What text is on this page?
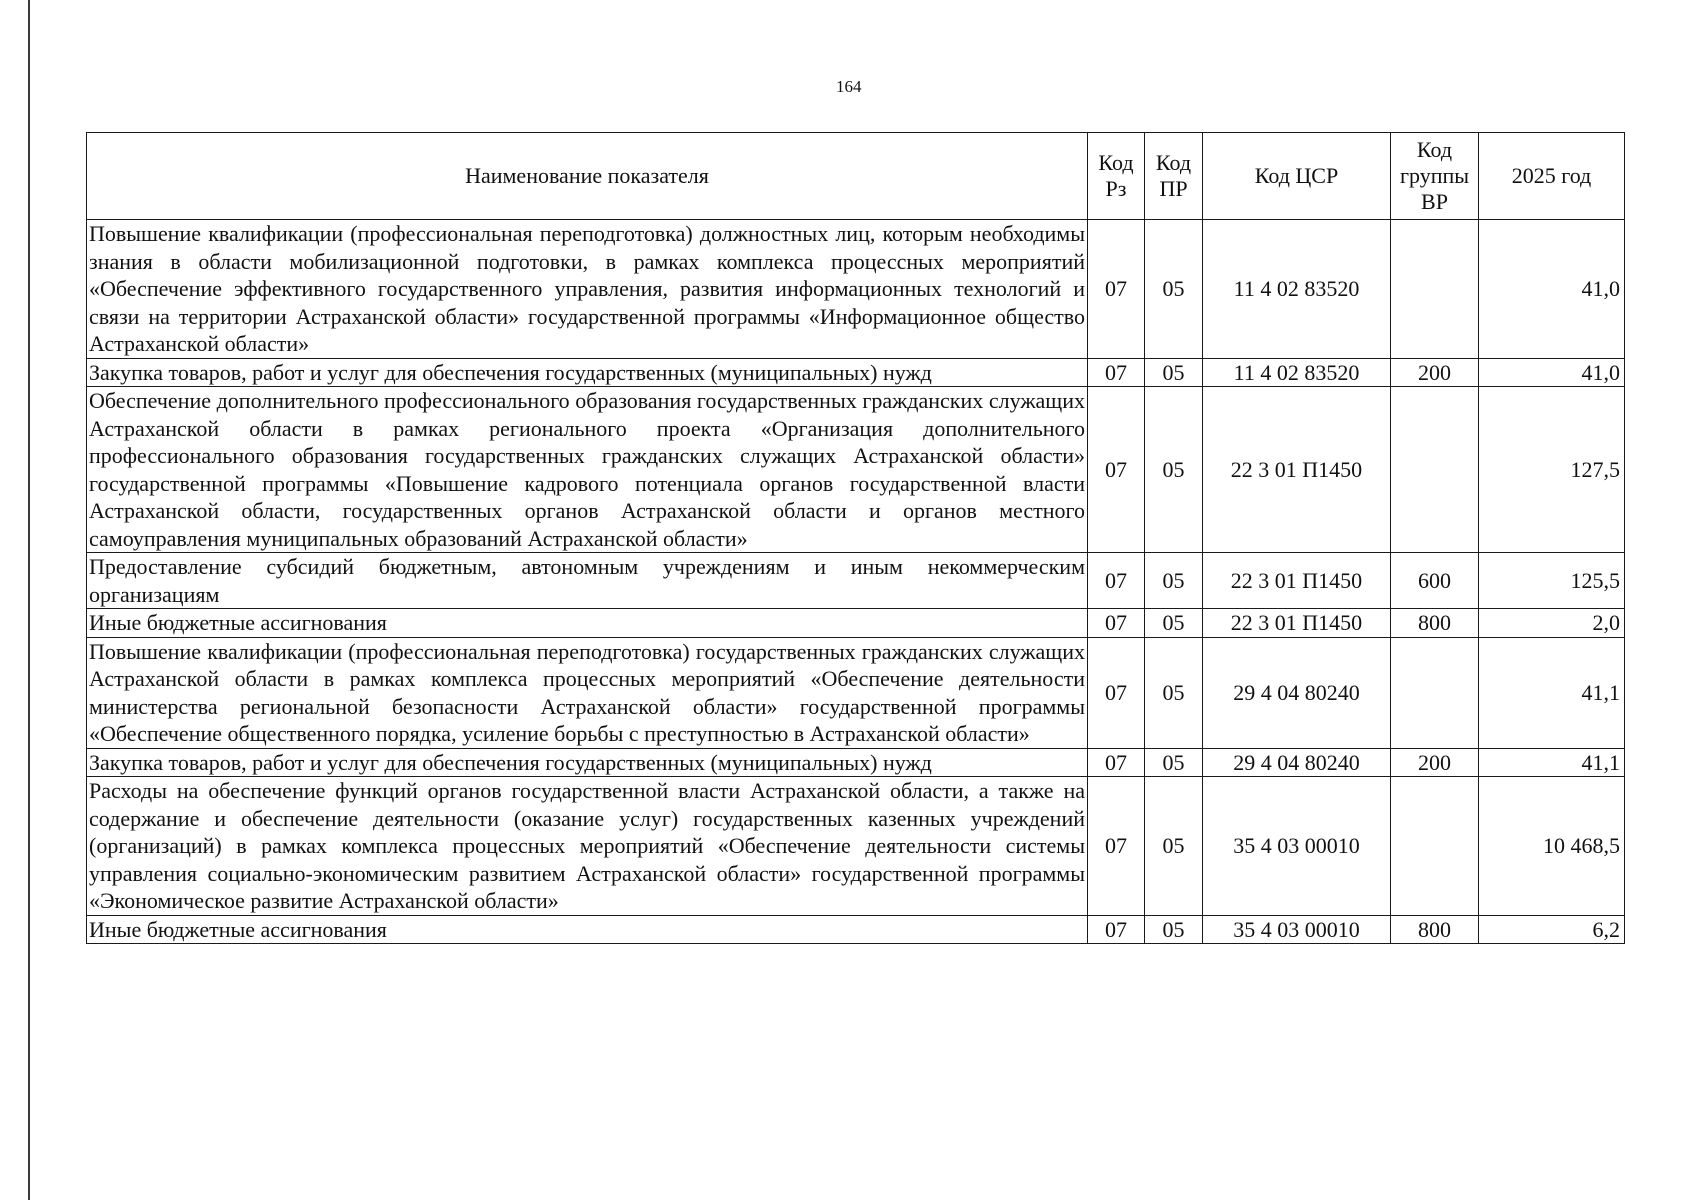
164
Наименование показателя	Код Рз	Код ПР	Код ЦСР	Код группы ВР	2025 год
Повышение квалификации (профессиональная переподготовка) должностных лиц, которым необходимы знания в области мобилизационной подготовки, в рамках комплекса процессных мероприятий «Обеспечение эффективного государственного управления, развития информационных технологий и связи на территории Астраханской области» государственной программы «Информационное общество Астраханской области»	07	05	11 4 02 83520		41,0
Закупка товаров, работ и услуг для обеспечения государственных (муниципальных) нужд	07	05	11 4 02 83520	200	41,0
Обеспечение дополнительного профессионального образования государственных гражданских служащих Астраханской области в рамках регионального проекта «Организация дополнительного профессионального образования государственных гражданских служащих Астраханской области» государственной программы «Повышение кадрового потенциала органов государственной власти Астраханской области, государственных органов Астраханской области и органов местного самоуправления муниципальных образований Астраханской области»	07	05	22 3 01 П1450		127,5
Предоставление субсидий бюджетным, автономным учреждениям и иным некоммерческим организациям	07	05	22 3 01 П1450	600	125,5
Иные бюджетные ассигнования	07	05	22 3 01 П1450	800	2,0
Повышение квалификации (профессиональная переподготовка) государственных гражданских служащих Астраханской области в рамках комплекса процессных мероприятий «Обеспечение деятельности министерства региональной безопасности Астраханской области» государственной программы «Обеспечение общественного порядка, усиление борьбы с преступностью в Астраханской области»	07	05	29 4 04 80240		41,1
Закупка товаров, работ и услуг для обеспечения государственных (муниципальных) нужд	07	05	29 4 04 80240	200	41,1
Расходы на обеспечение функций органов государственной власти Астраханской области, а также на содержание и обеспечение деятельности (оказание услуг) государственных казенных учреждений (организаций) в рамках комплекса процессных мероприятий «Обеспечение деятельности системы управления социально-экономическим развитием Астраханской области» государственной программы «Экономическое развитие Астраханской области»	07	05	35 4 03 00010		10 468,5
Иные бюджетные ассигнования	07	05	35 4 03 00010	800	6,2
